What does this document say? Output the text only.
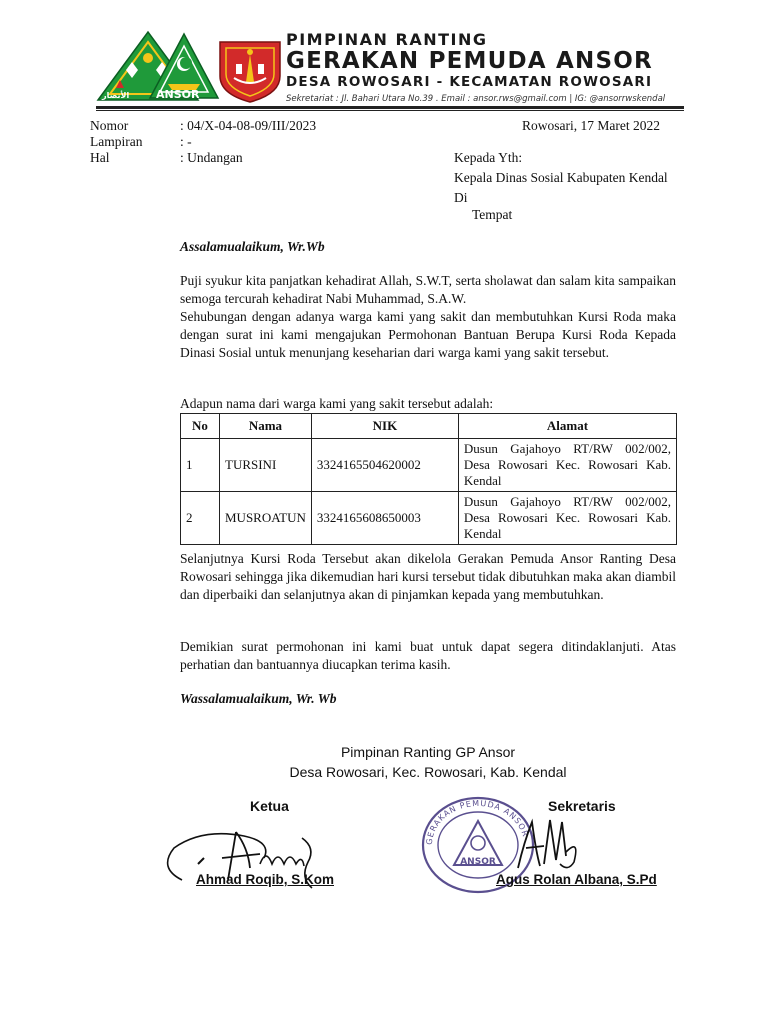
ANSOR
الأنصار
PIMPINAN RANTING
GERAKAN PEMUDA ANSOR
DESA ROWOSARI - KECAMATAN ROWOSARI
Sekretariat : Jl. Bahari Utara No.39 . Email : ansor.rws@gmail.com | IG: @ansorrwskendal
Nomor	: 04/X-04-08-09/III/2023
Lampiran	: -
Hal	: Undangan
Rowosari, 17 Maret 2022
Kepada Yth:
Kepala Dinas Sosial Kabupaten Kendal
Di
Tempat
Assalamualaikum, Wr.Wb
Puji syukur kita panjatkan kehadirat Allah, S.W.T, serta sholawat dan salam kita sampaikan semoga tercurah kehadirat Nabi Muhammad, S.A.W.
Sehubungan dengan adanya warga kami yang sakit dan membutuhkan Kursi Roda maka dengan surat ini kami mengajukan Permohonan Bantuan Berupa Kursi Roda Kepada Dinasi Sosial untuk menunjang keseharian dari warga kami yang sakit tersebut.
Adapun nama dari warga kami yang sakit tersebut adalah:
No	Nama	NIK	Alamat
1	TURSINI	3324165504620002	Dusun Gajahoyo RT/RW 002/002, Desa Rowosari Kec. Rowosari Kab. Kendal
2	MUSROATUN	3324165608650003	Dusun Gajahoyo RT/RW 002/002, Desa Rowosari Kec. Rowosari Kab. Kendal
Selanjutnya Kursi Roda Tersebut akan dikelola Gerakan Pemuda Ansor Ranting Desa Rowosari sehingga jika dikemudian hari kursi tersebut tidak dibutuhkan maka akan diambil dan diperbaiki dan selanjutnya akan di pinjamkan kepada yang membutuhkan.
Demikian surat permohonan ini kami buat untuk dapat segera ditindaklanjuti. Atas perhatian dan bantuannya diucapkan terima kasih.
Wassalamualaikum, Wr. Wb
Pimpinan Ranting GP Ansor
Desa Rowosari, Kec. Rowosari, Kab. Kendal
Ketua	Sekretaris
GERAKAN PEMUDA ANSOR
ANSOR
Ahmad Roqib, S.Kom	Agus Rolan Albana, S.Pd
